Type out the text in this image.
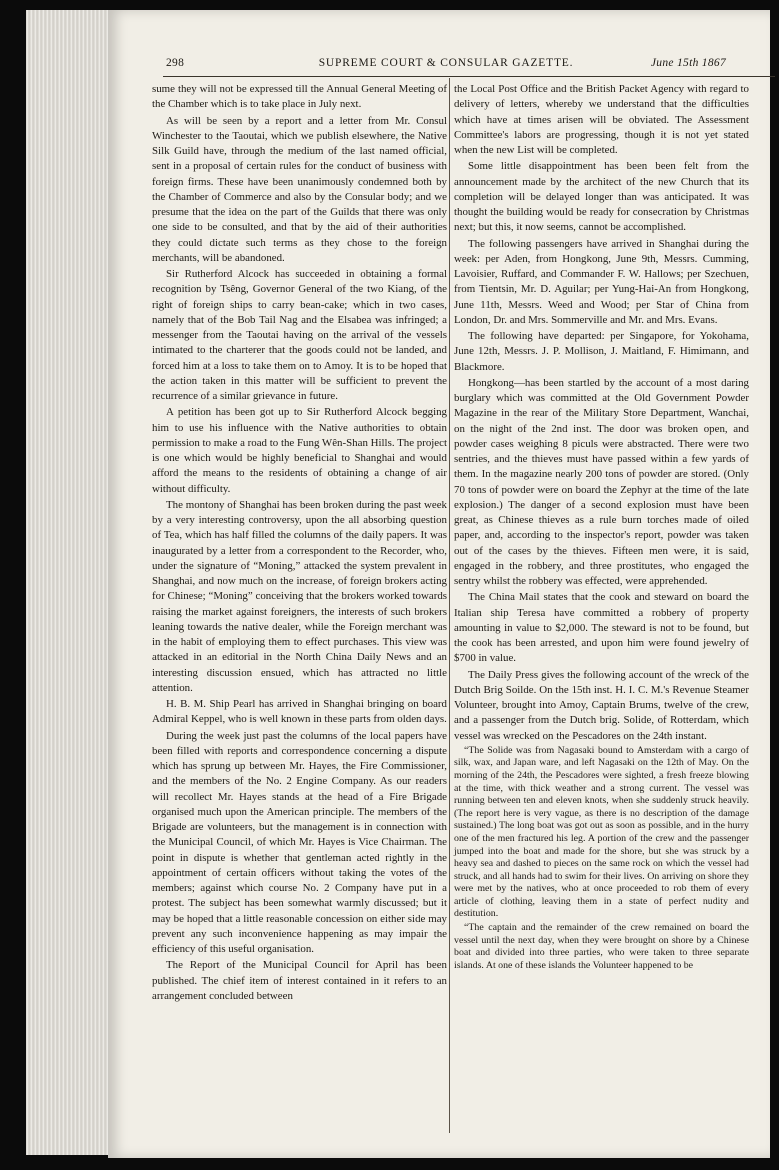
298	SUPREME COURT & CONSULAR GAZETTE.	June 15th 1867

sume they will not be expressed till the Annual General Meeting of the Chamber which is to take place in July next.

As will be seen by a report and a letter from Mr. Consul Winchester to the Taoutai, which we publish elsewhere, the Native Silk Guild have, through the medium of the last named official, sent in a proposal of certain rules for the conduct of business with foreign firms. These have been unanimously condemned both by the Chamber of Commerce and also by the Consular body; and we presume that the idea on the part of the Guilds that there was only one side to be consulted, and that by the aid of their authorities they could dictate such terms as they chose to the foreign merchants, will be abandoned.

Sir Rutherford Alcock has succeeded in obtaining a formal recognition by Tsêng, Governor General of the two Kiang, of the right of foreign ships to carry bean-cake; which in two cases, namely that of the Bob Tail Nag and the Elsabea was infringed; a messenger from the Taoutai having on the arrival of the vessels intimated to the charterer that the goods could not be landed, and forced him at a loss to take them on to Amoy. It is to be hoped that the action taken in this matter will be sufficient to prevent the recurrence of a similar grievance in future.

A petition has been got up to Sir Rutherford Alcock begging him to use his influence with the Native authorities to obtain permission to make a road to the Fung Wên-Shan Hills. The project is one which would be highly beneficial to Shanghai and would afford the means to the residents of obtaining a change of air without difficulty.

The montony of Shanghai has been broken during the past week by a very interesting controversy, upon the all absorbing question of Tea, which has half filled the columns of the daily papers. It was inaugurated by a letter from a correspondent to the Recorder, who, under the signature of “Moning,” attacked the system prevalent in Shanghai, and now much on the increase, of foreign brokers acting for Chinese; “Moning” conceiving that the brokers worked towards raising the market against foreigners, the interests of such brokers leaning towards the native dealer, while the Foreign merchant was in the habit of employing them to effect purchases. This view was attacked in an editorial in the North China Daily News and an interesting discussion ensued, which has attracted no little attention.

H. B. M. Ship Pearl has arrived in Shanghai bringing on board Admiral Keppel, who is well known in these parts from olden days.

During the week just past the columns of the local papers have been filled with reports and correspondence concerning a dispute which has sprung up between Mr. Hayes, the Fire Commissioner, and the members of the No. 2 Engine Company. As our readers will recollect Mr. Hayes stands at the head of a Fire Brigade organised much upon the American principle. The members of the Brigade are volunteers, but the management is in connection with the Municipal Council, of which Mr. Hayes is Vice Chairman. The point in dispute is whether that gentleman acted rightly in the appointment of certain officers without taking the votes of the members; against which course No. 2 Company have put in a protest. The subject has been somewhat warmly discussed; but it may be hoped that a little reasonable concession on either side may prevent any such inconvenience happening as may impair the efficiency of this useful organisation.

The Report of the Municipal Council for April has been published. The chief item of interest contained in it refers to an arrangement concluded between

the Local Post Office and the British Packet Agency with regard to delivery of letters, whereby we understand that the difficulties which have at times arisen will be obviated. The Assessment Committee's labors are progressing, though it is not yet stated when the new List will be completed.

Some little disappointment has been been felt from the announcement made by the architect of the new Church that its completion will be delayed longer than was anticipated. It was thought the building would be ready for consecration by Christmas next; but this, it now seems, cannot be accomplished.

The following passengers have arrived in Shanghai during the week: per Aden, from Hongkong, June 9th, Messrs. Cumming, Lavoisier, Ruffard, and Commander F. W. Hallows; per Szechuen, from Tientsin, Mr. D. Aguilar; per Yung-Hai-An from Hongkong, June 11th, Messrs. Weed and Wood; per Star of China from London, Dr. and Mrs. Sommerville and Mr. and Mrs. Evans.

The following have departed: per Singapore, for Yokohama, June 12th, Messrs. J. P. Mollison, J. Maitland, F. Himimann, and Blackmore.

Hongkong—has been startled by the account of a most daring burglary which was committed at the Old Government Powder Magazine in the rear of the Military Store Department, Wanchai, on the night of the 2nd inst. The door was broken open, and powder cases weighing 8 piculs were abstracted. There were two sentries, and the thieves must have passed within a few yards of them. In the magazine nearly 200 tons of powder are stored. (Only 70 tons of powder were on board the Zephyr at the time of the late explosion.) The danger of a second explosion must have been great, as Chinese thieves as a rule burn torches made of oiled paper, and, according to the inspector's report, powder was taken out of the cases by the thieves. Fifteen men were, it is said, engaged in the robbery, and three prostitutes, who engaged the sentry whilst the robbery was effected, were apprehended.

The China Mail states that the cook and steward on board the Italian ship Teresa have committed a robbery of property amounting in value to $2,000. The steward is not to be found, but the cook has been arrested, and upon him were found jewelry of $700 in value.

The Daily Press gives the following account of the wreck of the Dutch Brig Soilde. On the 15th inst. H. I. C. M.'s Revenue Steamer Volunteer, brought into Amoy, Captain Brums, twelve of the crew, and a passenger from the Dutch brig. Solide, of Rotterdam, which vessel was wrecked on the Pescadores on the 24th instant.

“The Solide was from Nagasaki bound to Amsterdam with a cargo of silk, wax, and Japan ware, and left Nagasaki on the 12th of May. On the morning of the 24th, the Pescadores were sighted, a fresh freeze blowing at the time, with thick weather and a strong current. The vessel was running between ten and eleven knots, when she suddenly struck heavily. (The report here is very vague, as there is no description of the damage sustained.) The long boat was got out as soon as possible, and in the hurry one of the men fractured his leg. A portion of the crew and the passenger jumped into the boat and made for the shore, but she was struck by a heavy sea and dashed to pieces on the same rock on which the vessel had struck, and all hands had to swim for their lives. On arriving on shore they were met by the natives, who at once proceeded to rob them of every article of clothing, leaving them in a state of perfect nudity and destitution.

“The captain and the remainder of the crew remained on board the vessel until the next day, when they were brought on shore by a Chinese boat and divided into three parties, who were taken to three separate islands. At one of these islands the Volunteer happened to be
